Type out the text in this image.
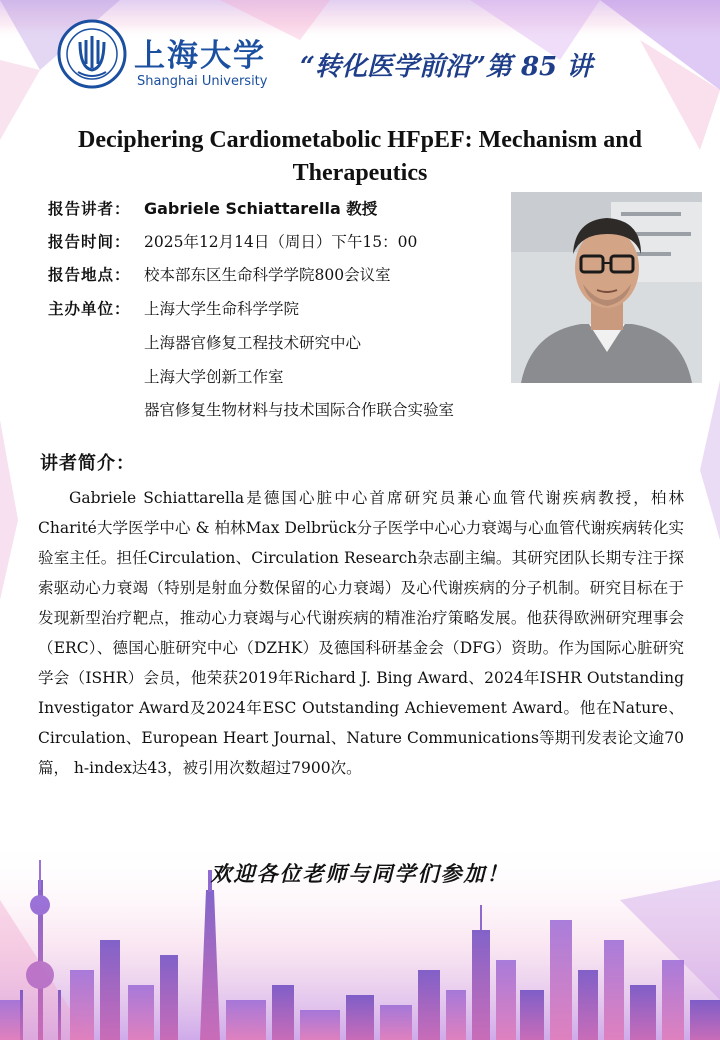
上海大学
Shanghai University “转化医学前沿”第 85 讲
Deciphering Cardiometabolic HFpEF: Mechanism and Therapeutics
报告讲者： Gabriele Schiattarella 教授
报告时间： 2025年12月14日（周日）下午15：00
报告地点： 校本部东区生命科学学院800会议室
主办单位： 上海大学生命科学学院
上海器官修复工程技术研究中心
上海大学创新工作室
器官修复生物材料与技术国际合作联合实验室
讲者简介：
Gabriele Schiattarella是德国心脏中心首席研究员兼心血管代谢疾病教授，柏林Charité大学医学中心 & 柏林Max Delbrück分子医学中心心力衰竭与心血管代谢疾病转化实验室主任。担任Circulation、Circulation Research杂志副主编。其研究团队长期专注于探索驱动心力衰竭（特别是射血分数保留的心力衰竭）及心代谢疾病的分子机制。研究目标在于发现新型治疗靶点，推动心力衰竭与心代谢疾病的精准治疗策略发展。他获得欧洲研究理事会（ERC）、德国心脏研究中心（DZHK）及德国科研基金会（DFG）资助。作为国际心脏研究学会（ISHR）会员，他荣获2019年Richard J. Bing Award、2024年ISHR Outstanding Investigator Award及2024年ESC Outstanding Achievement Award。他在Nature、Circulation、European Heart Journal、Nature Communications等期刊发表论文逾70篇， h-index达43，被引用次数超过7900次。
欢迎各位老师与同学们参加！
